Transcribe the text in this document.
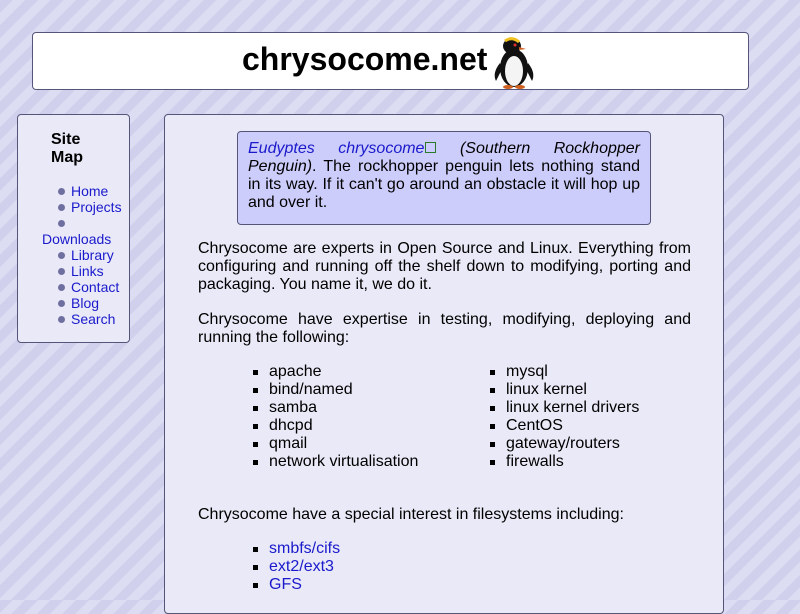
chrysocome.net
Site Map
Home
Projects
Downloads
Library
Links
Contact
Blog
Search
Eudyptes chrysocome (Southern Rockhopper Penguin). The rockhopper penguin lets nothing stand in its way. If it can't go around an obstacle it will hop up and over it.

Chrysocome are experts in Open Source and Linux. Everything from configuring and running off the shelf down to modifying, porting and packaging. You name it, we do it.

Chrysocome have expertise in testing, modifying, deploying and running the following:

apache
bind/named
samba
dhcpd
qmail
network virtualisation
mysql
linux kernel
linux kernel drivers
CentOS
gateway/routers
firewalls

Chrysocome have a special interest in filesystems including:

smbfs/cifs
ext2/ext3
GFS
